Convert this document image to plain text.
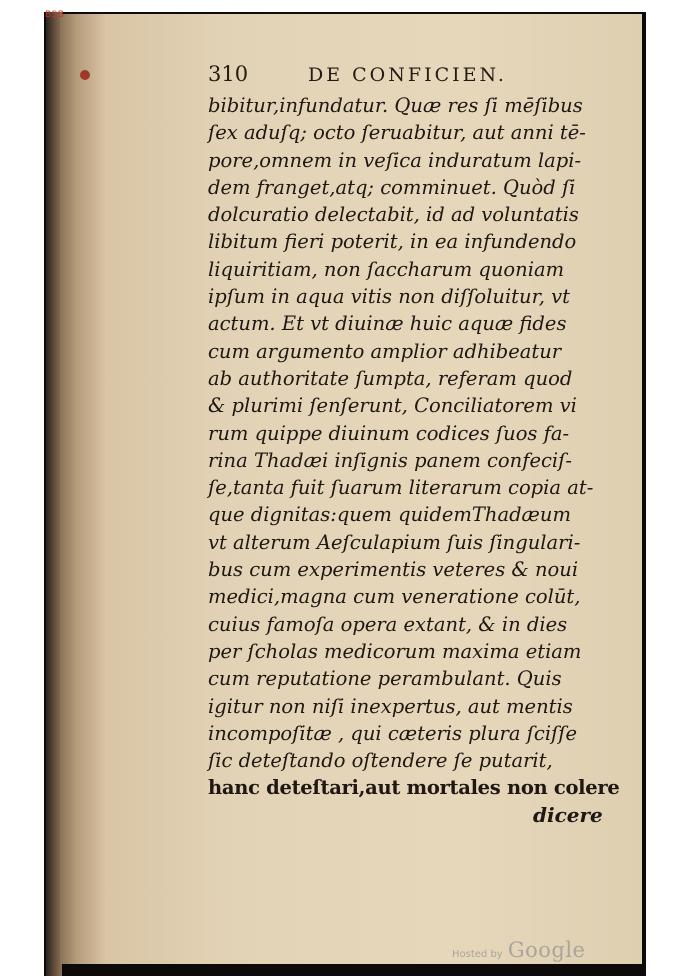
BSB
310	DE CONFICIEN.
bibitur,infundatur. Quæ res ſi mēſibus
ſex aduſq; octo ſeruabitur, aut anni tē-
pore,omnem in veſica induratum lapi-
dem franget,atq; comminuet. Quòd ſi
dolcuratio delectabit, id ad voluntatis
libitum fieri poterit, in ea infundendo
liquiritiam, non ſaccharum quoniam
ipſum in aqua vitis non diſſoluitur, vt
actum. Et vt diuinæ huic aquæ fides
cum argumento amplior adhibeatur
ab authoritate ſumpta, referam quod
& plurimi ſenſerunt, Conciliatorem vi
rum quippe diuinum codices ſuos fa-
rina Thadæi inſignis panem confeciſ-
ſe,tanta fuit ſuarum literarum copia at-
que dignitas:quem quidemThadæum
vt alterum Aeſculapium ſuis ſingulari-
bus cum experimentis veteres & noui
medici,magna cum veneratione colūt,
cuius famoſa opera extant, & in dies
per ſcholas medicorum maxima etiam
cum reputatione perambulant. Quis
igitur non niſi inexpertus, aut mentis
incompoſitæ , qui cæteris plura ſciſſe
ſic deteſtando oſtendere ſe putarit,
hanc deteſtari,aut mortales non colere
dicere
Hosted by Google
